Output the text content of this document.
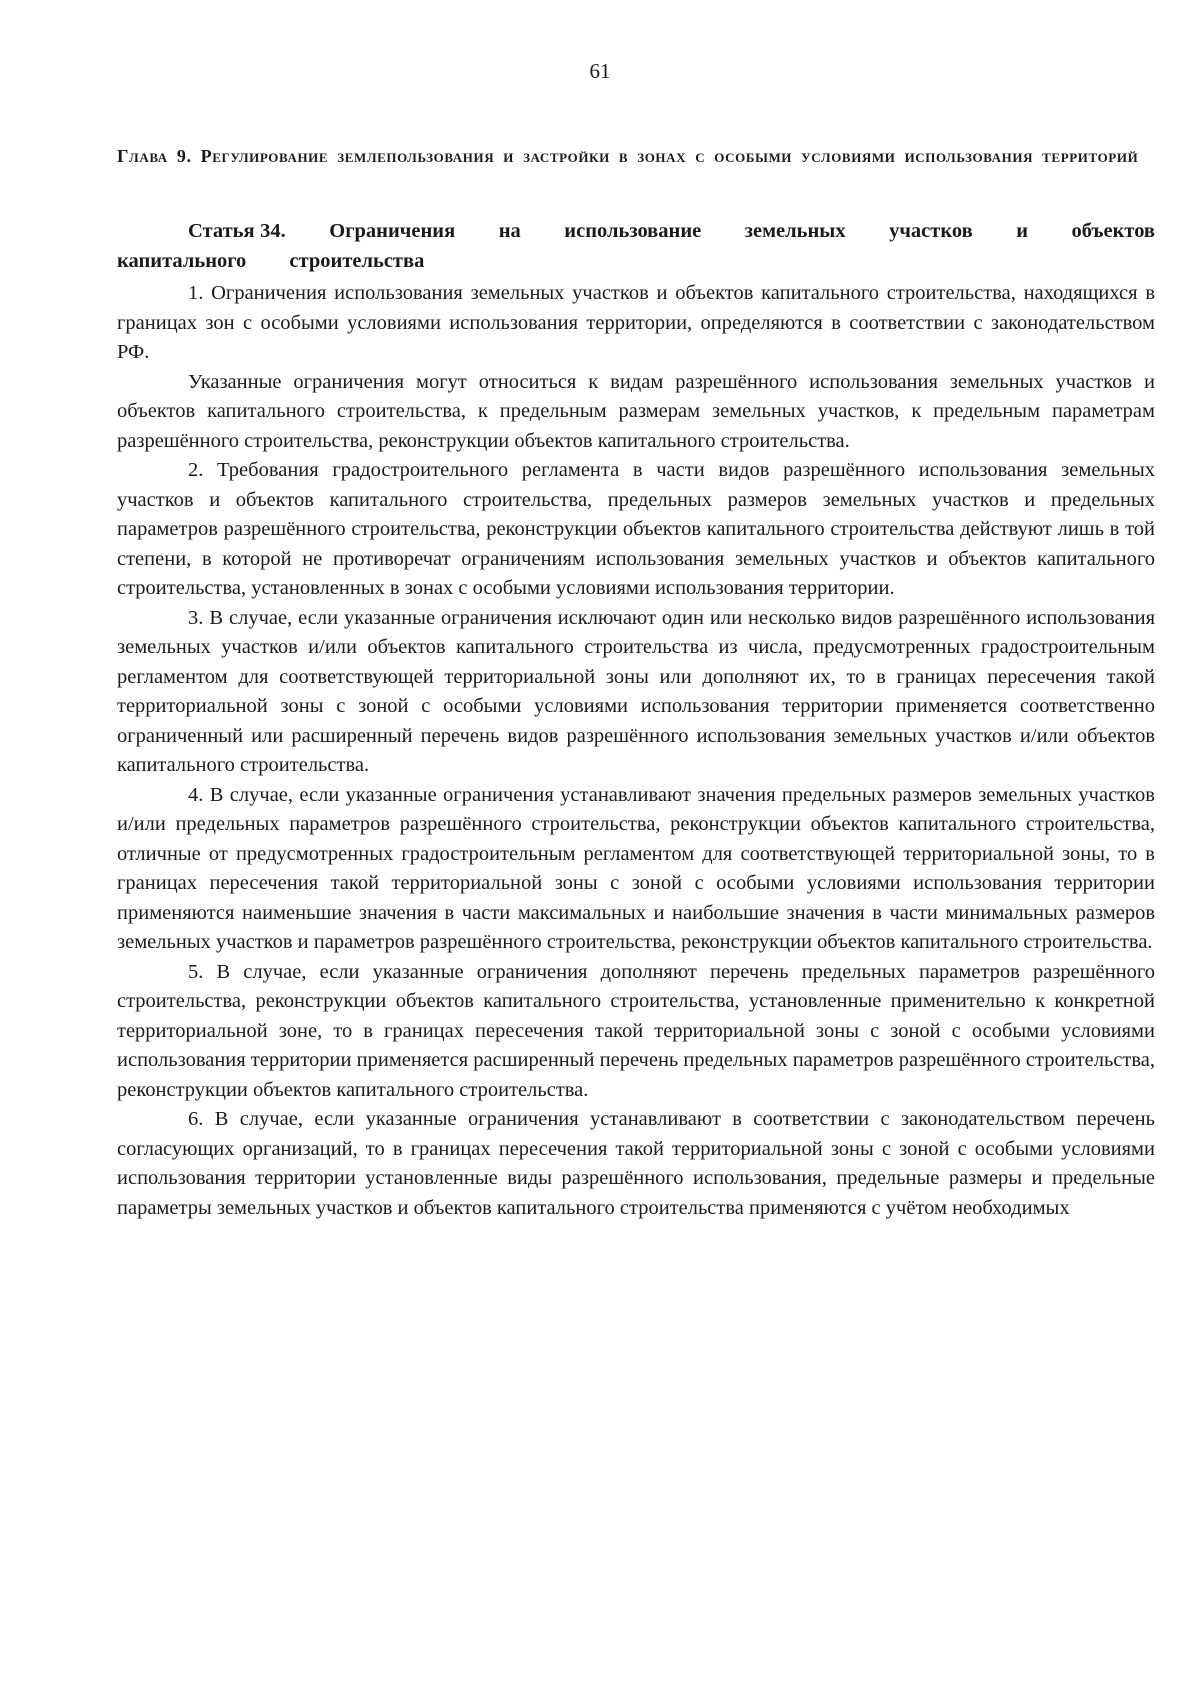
61
Глава 9. Регулирование землепользования и застройки в зонах с особыми условиями использования территорий
Статья 34. Ограничения на использование земельных участков и объектов капитального строительства

1. Ограничения использования земельных участков и объектов капитального строительства, находящихся в границах зон с особыми условиями использования территории, определяются в соответствии с законодательством РФ.

Указанные ограничения могут относиться к видам разрешённого использования земельных участков и объектов капитального строительства, к предельным размерам земельных участков, к предельным параметрам разрешённого строительства, реконструкции объектов капитального строительства.

2. Требования градостроительного регламента в части видов разрешённого использования земельных участков и объектов капитального строительства, предельных размеров земельных участков и предельных параметров разрешённого строительства, реконструкции объектов капитального строительства действуют лишь в той степени, в которой не противоречат ограничениям использования земельных участков и объектов капитального строительства, установленных в зонах с особыми условиями использования территории.

3. В случае, если указанные ограничения исключают один или несколько видов разрешённого использования земельных участков и/или объектов капитального строительства из числа, предусмотренных градостроительным регламентом для соответствующей территориальной зоны или дополняют их, то в границах пересечения такой территориальной зоны с зоной с особыми условиями использования территории применяется соответственно ограниченный или расширенный перечень видов разрешённого использования земельных участков и/или объектов капитального строительства.

4. В случае, если указанные ограничения устанавливают значения предельных размеров земельных участков и/или предельных параметров разрешённого строительства, реконструкции объектов капитального строительства, отличные от предусмотренных градостроительным регламентом для соответствующей территориальной зоны, то в границах пересечения такой территориальной зоны с зоной с особыми условиями использования территории применяются наименьшие значения в части максимальных и наибольшие значения в части минимальных размеров земельных участков и параметров разрешённого строительства, реконструкции объектов капитального строительства.

5. В случае, если указанные ограничения дополняют перечень предельных параметров разрешённого строительства, реконструкции объектов капитального строительства, установленные применительно к конкретной территориальной зоне, то в границах пересечения такой территориальной зоны с зоной с особыми условиями использования территории применяется расширенный перечень предельных параметров разрешённого строительства, реконструкции объектов капитального строительства.

6. В случае, если указанные ограничения устанавливают в соответствии с законодательством перечень согласующих организаций, то в границах пересечения такой территориальной зоны с зоной с особыми условиями использования территории установленные виды разрешённого использования, предельные размеры и предельные параметры земельных участков и объектов капитального строительства применяются с учётом необходимых
